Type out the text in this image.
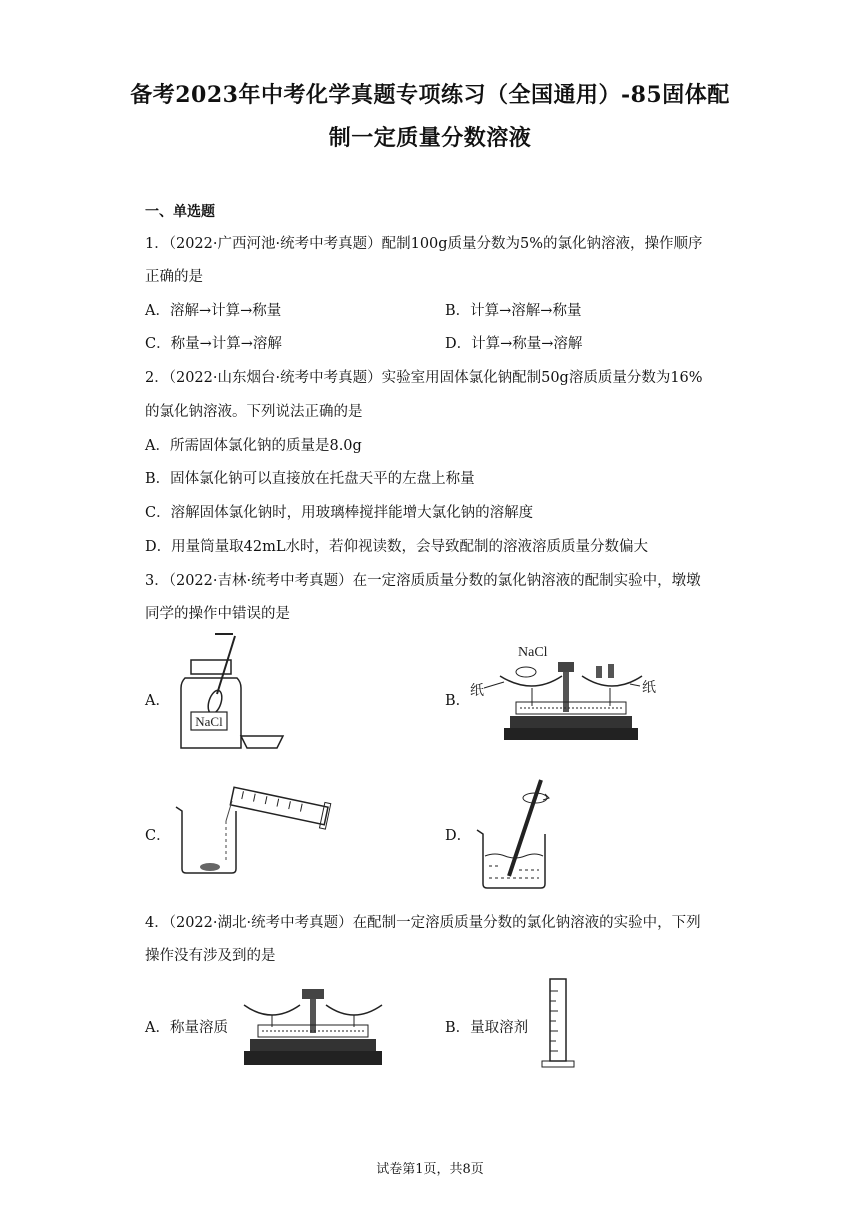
备考2023年中考化学真题专项练习（全国通用）-85固体配
制一定质量分数溶液
一、单选题
1．（2022·广西河池·统考中考真题）配制100g质量分数为5%的氯化钠溶液，操作顺序
正确的是
A．溶解→计算→称量	B．计算→溶解→称量
C．称量→计算→溶解	D．计算→称量→溶解
2．（2022·山东烟台·统考中考真题）实验室用固体氯化钠配制50g溶质质量分数为16%
的氯化钠溶液。下列说法正确的是
A．所需固体氯化钠的质量是8.0g
B．固体氯化钠可以直接放在托盘天平的左盘上称量
C．溶解固体氯化钠时，用玻璃棒搅拌能增大氯化钠的溶解度
D．用量筒量取42mL水时，若仰视读数，会导致配制的溶液溶质质量分数偏大
3．（2022·吉林·统考中考真题）在一定溶质质量分数的氯化钠溶液的配制实验中，墩墩
同学的操作中错误的是
A．
NaCl
B．
NaCl
纸	纸
C．	D．
4．（2022·湖北·统考中考真题）在配制一定溶质质量分数的氯化钠溶液的实验中，下列
操作没有涉及到的是
A．称量溶质	B．量取溶剂
试卷第1页，共8页
